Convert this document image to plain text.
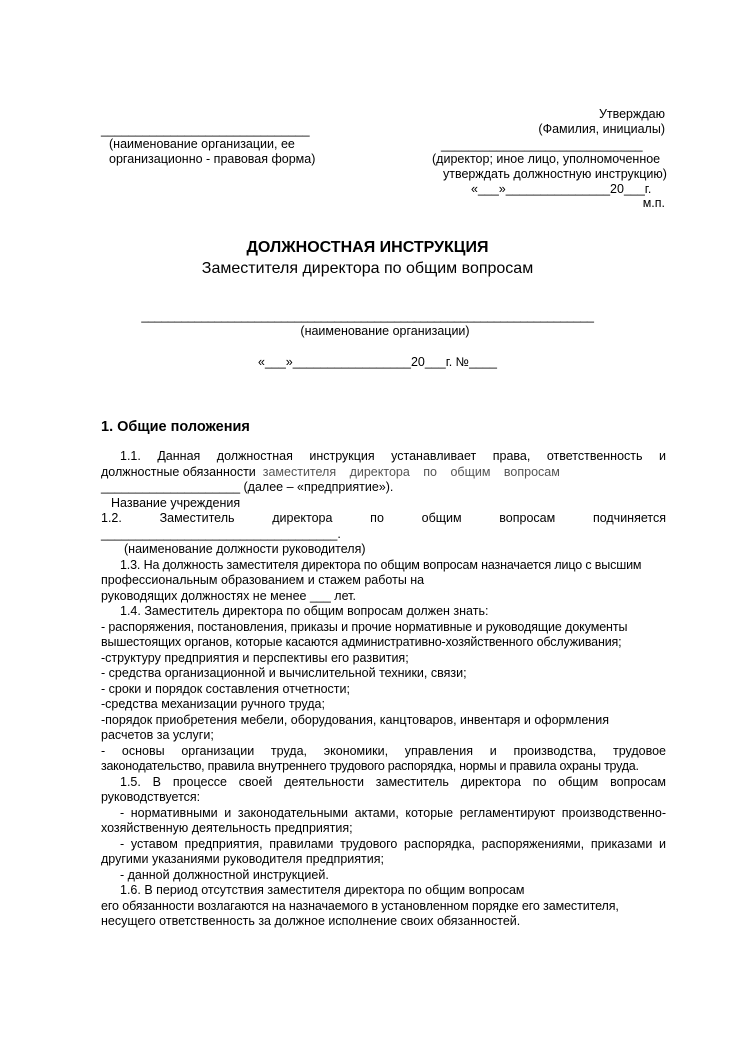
Утверждаю
(Фамилия, инициалы)
______________________________
(наименование организации, ее
организационно - правовая форма)
_____________________________
(директор; иное лицо, уполномоченное
утверждать должностную инструкцию)
«___»_______________20___г.
м.п.
ДОЛЖНОСТНАЯ ИНСТРУКЦИЯ
Заместителя директора по общим вопросам
____________________________________________________________________
(наименование организации)
«___»_________________20___г. №____
1. Общие положения
1.1. Данная должностная инструкция устанавливает права, ответственность и
должностные обязанности заместителя директора по общим вопросам
____________________ (далее – «предприятие»).
Название учреждения
1.2. Заместитель директора по общим вопросам подчиняется
__________________________________.
(наименование должности руководителя)
1.3. На должность заместителя директора по общим вопросам назначается лицо с высшим
профессиональным образованием и стажем работы на
руководящих должностях не менее ___ лет.
1.4. Заместитель директора по общим вопросам должен знать:
- распоряжения, постановления, приказы и прочие нормативные и руководящие документы
вышестоящих органов, которые касаются административно-хозяйственного обслуживания;
-структуру предприятия и перспективы его развития;
- средства организационной и вычислительной техники, связи;
- сроки и порядок составления отчетности;
-средства механизации ручного труда;
-порядок приобретения мебели, оборудования, канцтоваров, инвентаря и оформления
расчетов за услуги;
- основы организации труда, экономики, управления и производства, трудовое
законодательство, правила внутреннего трудового распорядка, нормы и правила охраны труда.
1.5. В процессе своей деятельности заместитель директора по общим вопросам
руководствуется:
- нормативными и законодательными актами, которые регламентируют производственно-
хозяйственную деятельность предприятия;
- уставом предприятия, правилами трудового распорядка, распоряжениями, приказами и
другими указаниями руководителя предприятия;
- данной должностной инструкцией.
1.6. В период отсутствия заместителя директора по общим вопросам
его обязанности возлагаются на назначаемого в установленном порядке его заместителя,
несущего ответственность за должное исполнение своих обязанностей.
